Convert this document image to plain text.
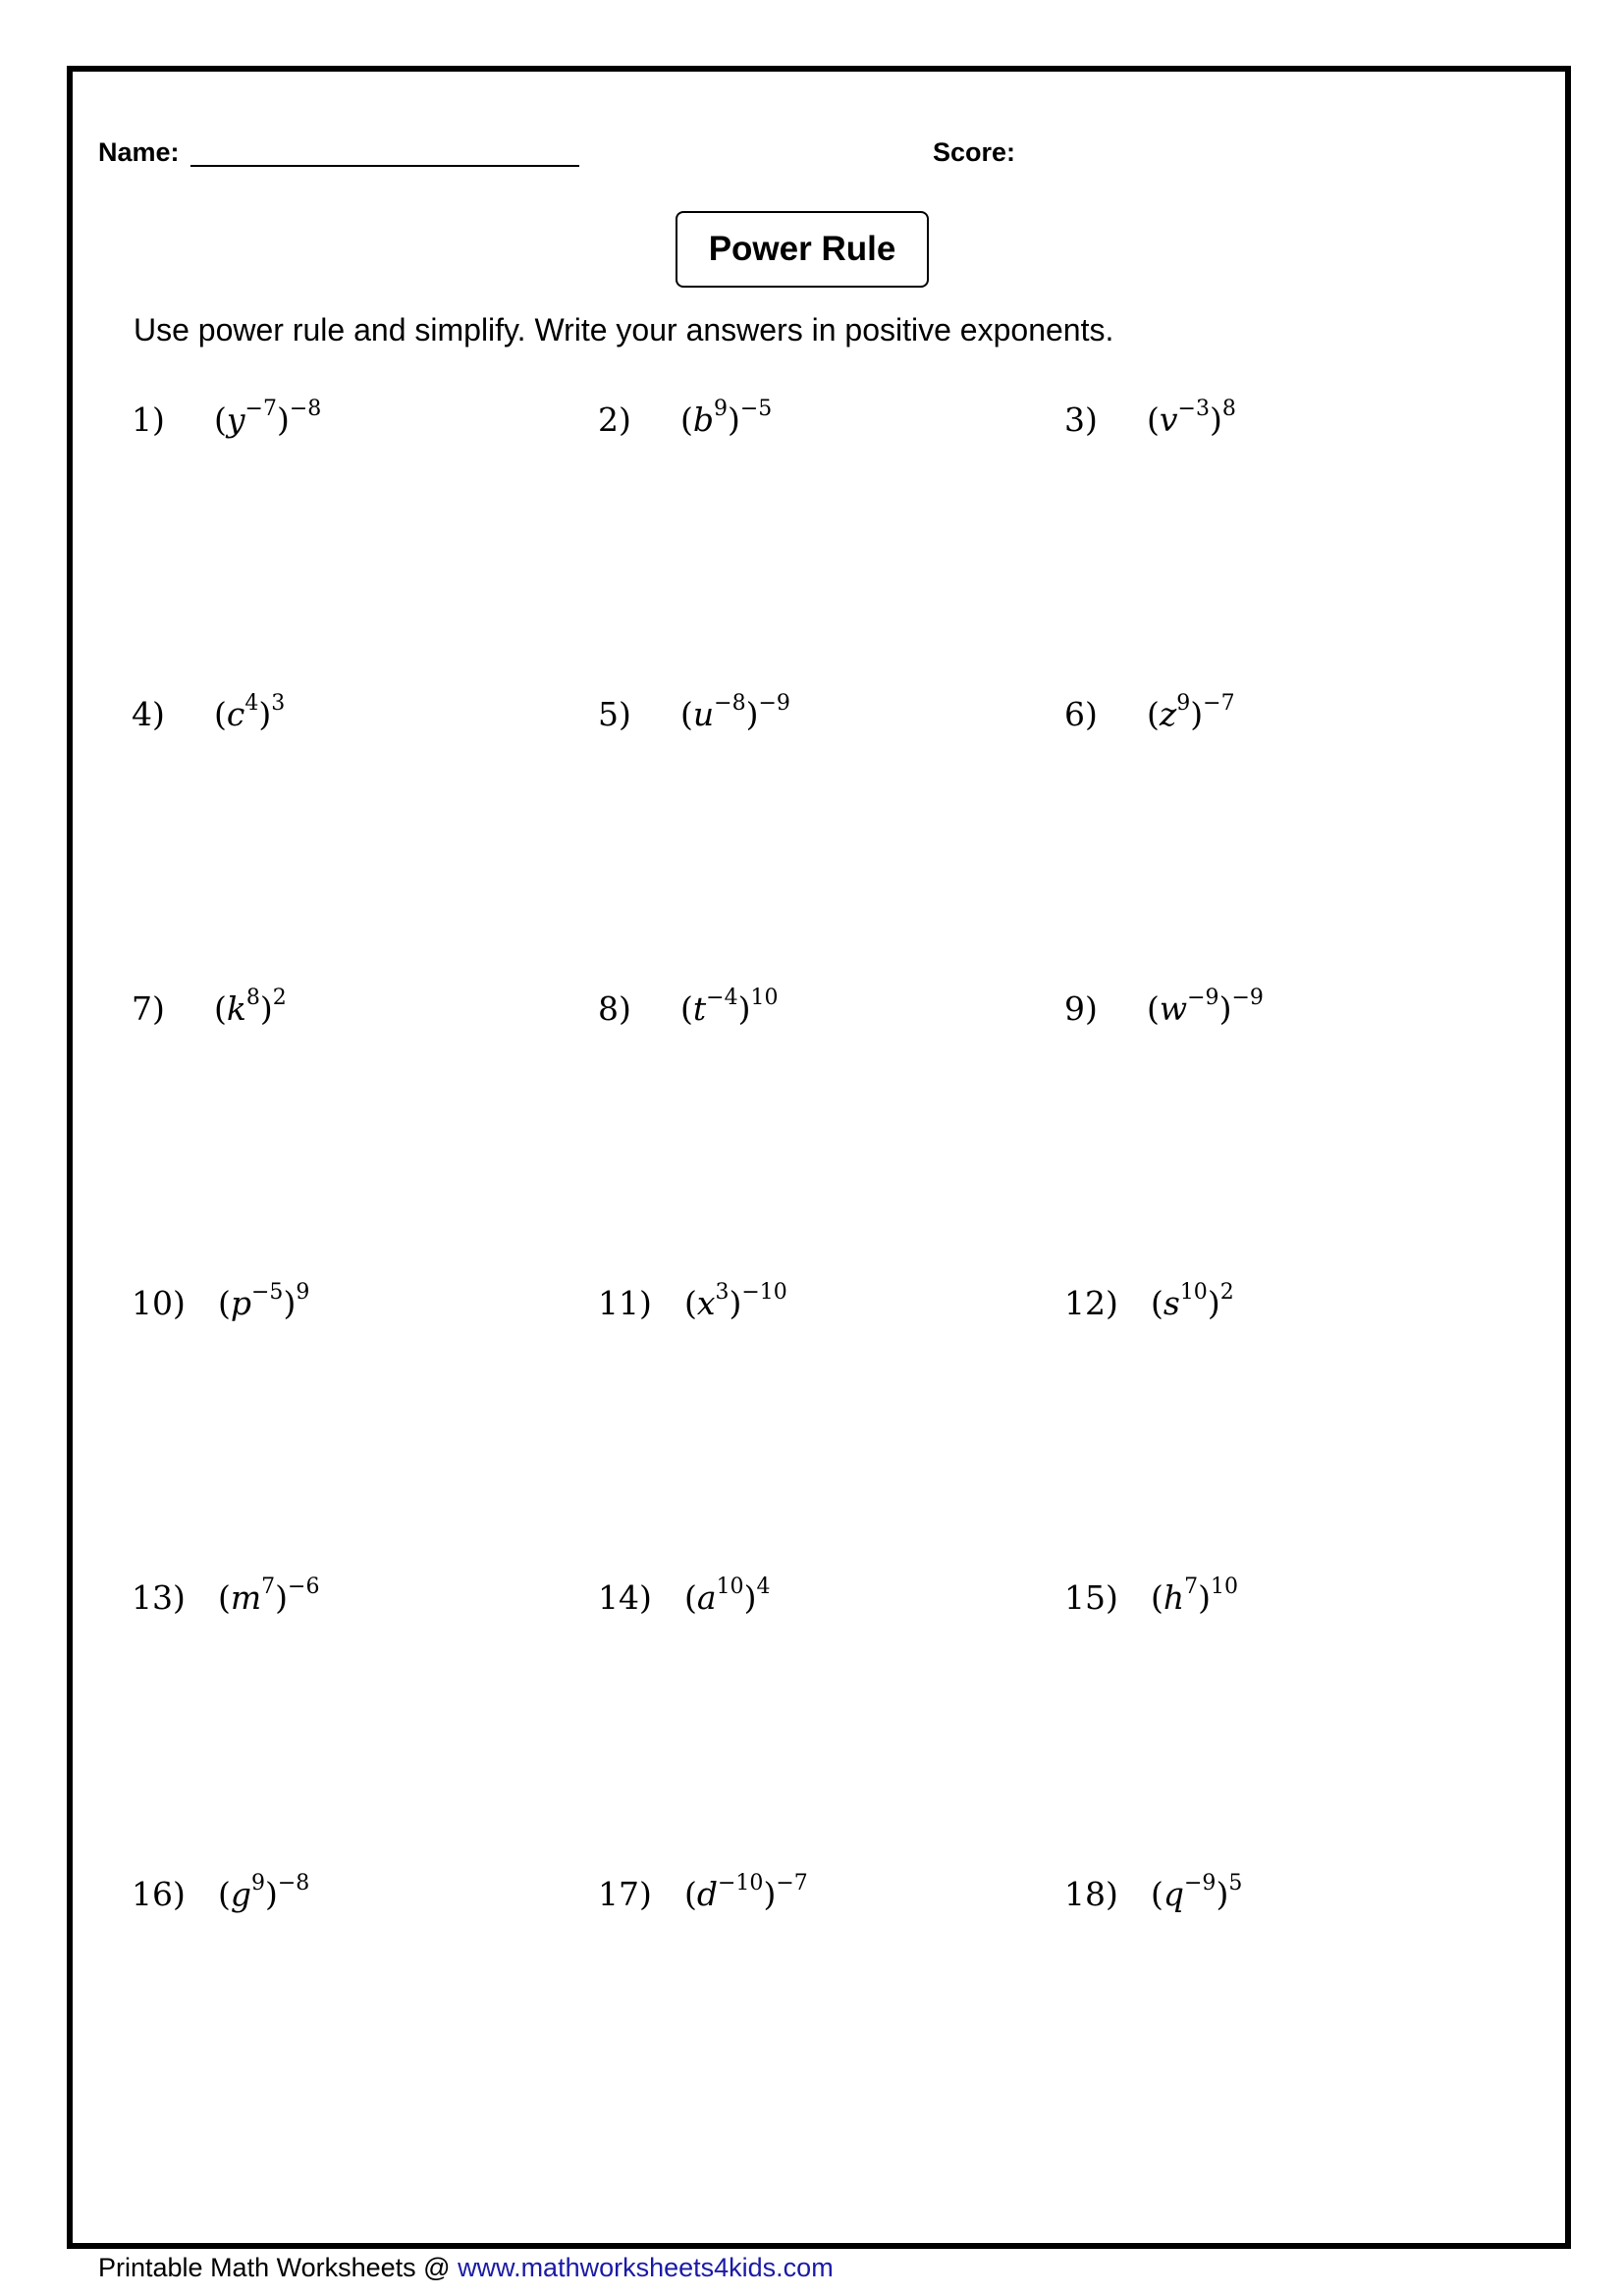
Name:	Score:
Power Rule
Use power rule and simplify. Write your answers in positive exponents.
1) $(y^{-7})^{-8}$	2) $(b^9)^{-5}$	3) $(v^{-3})^8$
4) $(c^4)^3$	5) $(u^{-8})^{-9}$	6) $(z^9)^{-7}$
7) $(k^8)^2$	8) $(t^{-4})^{10}$	9) $(w^{-9})^{-9}$
10) $(p^{-5})^9$	11) $(x^3)^{-10}$	12) $(s^{10})^2$
13) $(m^7)^{-6}$	14) $(a^{10})^4$	15) $(h^7)^{10}$
16) $(g^9)^{-8}$	17) $(d^{-10})^{-7}$	18) $(q^{-9})^5$
Printable Math Worksheets @ www.mathworksheets4kids.com
